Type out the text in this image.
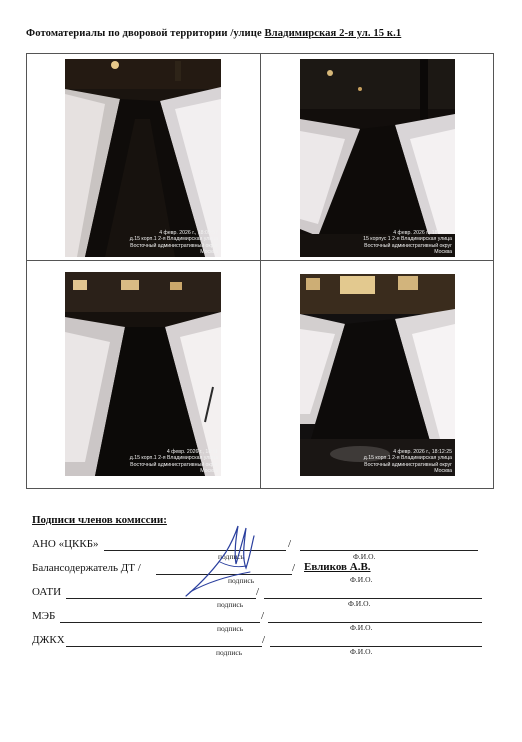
Фотоматериалы по дворовой территории /улице Владимирская 2-я ул. 15 к.1
4 февр. 2026 г., 18:09:57
д.15 корп.1 2-я Владимирская улица
Восточный административный округ
Москва
4 февр. 2026 г., 18:10:40
15 корпус 1 2-я Владимирская улица
Восточный административный округ
Москва
4 февр. 2026 г., 18:11
д.15 корп.1 2-я Владимирская улица
Восточный административный округ
Москва
4 февр. 2026 г., 18:12:25
д.15 корп.1 2-я Владимирская улица
Восточный административный округ
Москва
Подписи членов комиссии:
АНО «ЦККБ»	/
подпись	Ф.И.О.
Балансодержатель ДТ /	/ Евликов А.В.
подпись	Ф.И.О.
ОАТИ	/
подпись	Ф.И.О.
МЭБ	/
подпись	Ф.И.О.
ДЖКХ	/
подпись	Ф.И.О.
